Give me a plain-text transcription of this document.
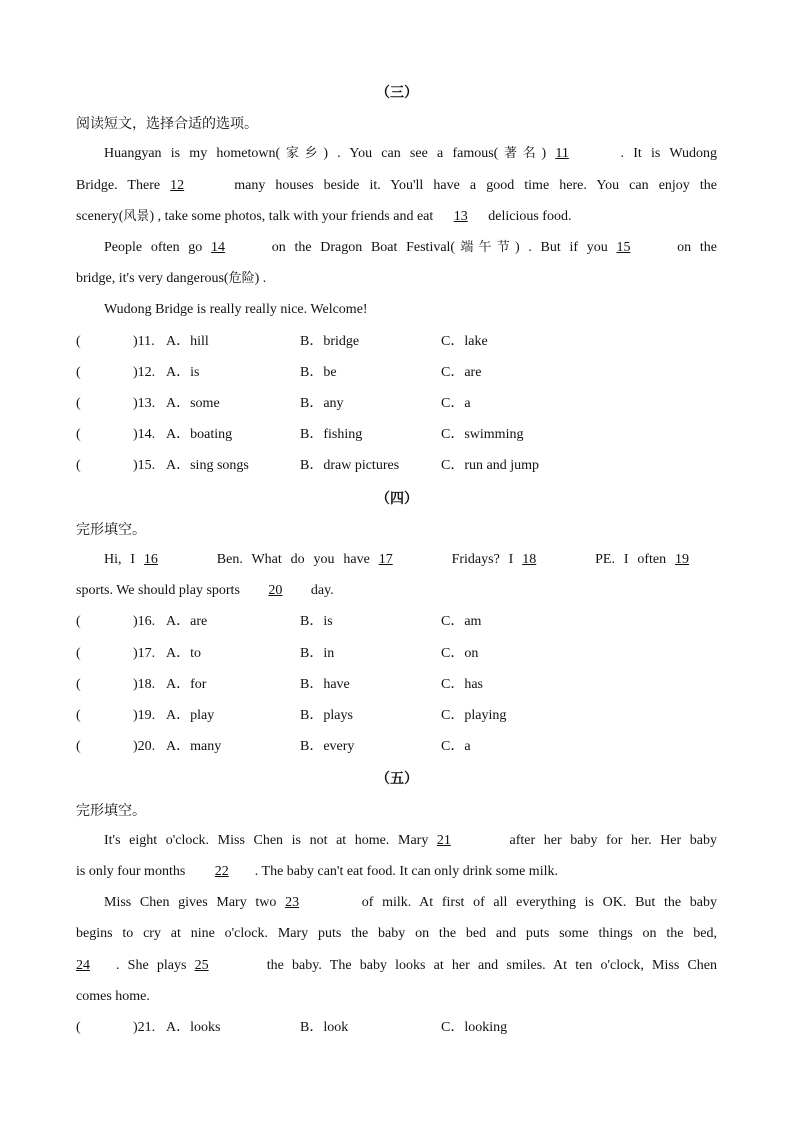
（三）
阅读短文，选择合适的选项。
Huangyan is my hometown(家乡) . You can see a famous(著名) 11	. It is Wudong
Bridge. There 12	many houses beside it. You'll have a good time here. You can enjoy the
scenery(风景) , take some photos, talk with your friends and eat 13 delicious food.
People often go 14	on the Dragon Boat Festival(端午节) . But if you 15	on the
bridge, it's very dangerous(危险) .
Wudong Bridge is really really nice. Welcome!
(	)11. A．hill	B．bridge	C．lake
(	)12. A．is	B．be	C．are
(	)13. A．some	B．any	C．a
(	)14. A．boating	B．fishing	C．swimming
(	)15. A．sing songs	B．draw pictures	C．run and jump
（四）
完形填空。
Hi, I 16	Ben. What do you have 17	Fridays? I 18	PE. I often 19
sports. We should play sports 20 day.
(	)16. A．are	B．is	C．am
(	)17. A．to	B．in	C．on
(	)18. A．for	B．have	C．has
(	)19. A．play	B．plays	C．playing
(	)20. A．many	B．every	C．a
（五）
完形填空。
It's eight o'clock. Miss Chen is not at home. Mary 21	after her baby for her. Her baby
is only four months 22 . The baby can't eat food. It can only drink some milk.
Miss Chen gives Mary two 23	of milk. At first of all everything is OK. But the baby
begins to cry at nine o'clock. Mary puts the baby on the bed and puts some things on the bed,
24 . She plays 25	the baby. The baby looks at her and smiles. At ten o'clock, Miss Chen
comes home.
(	)21. A．looks	B．look	C．looking
